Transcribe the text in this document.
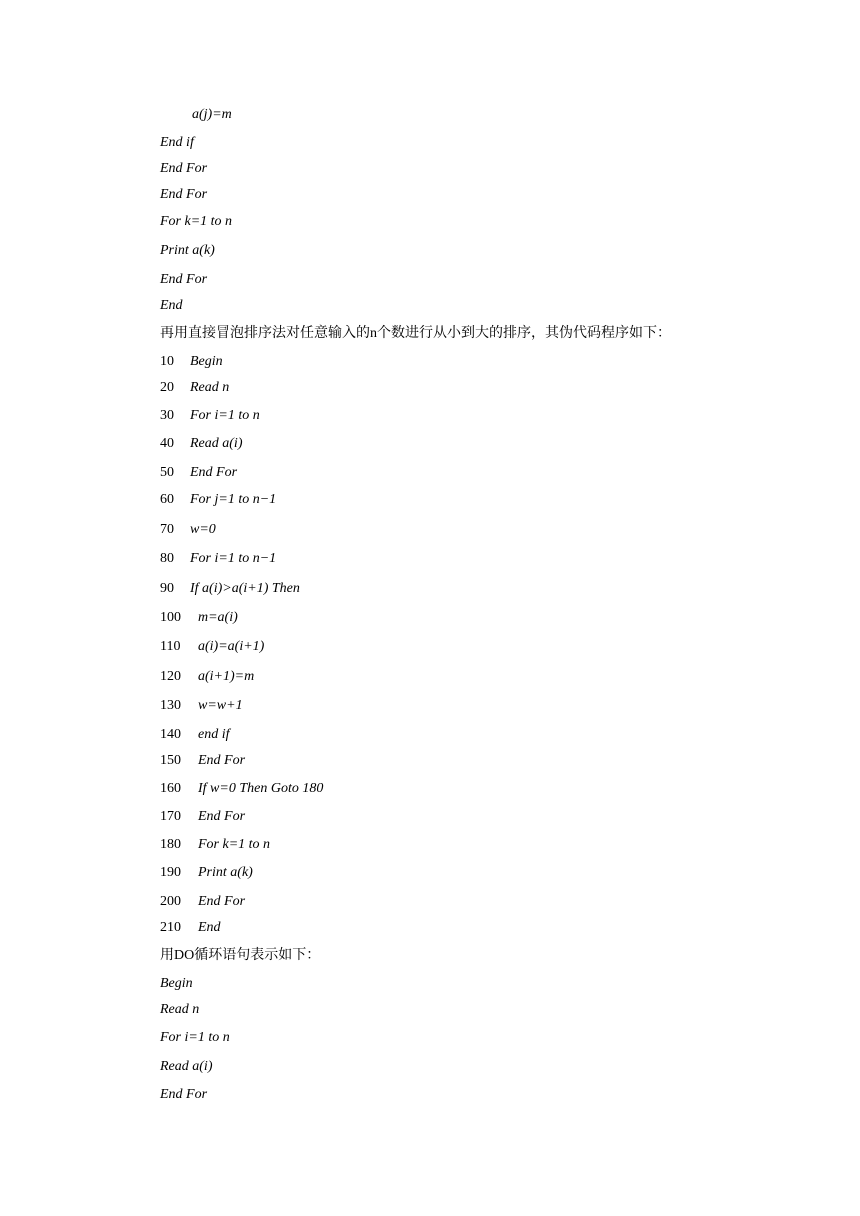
a(j)=m
End if
End For
End For
For k=1 to n
Print a(k)
End For
End
再用直接冒泡排序法对任意输入的n个数进行从小到大的排序，其伪代码程序如下：
10 Begin
20 Read n
30 For i=1 to n
40 Read a(i)
50 End For
60 For j=1 to n−1
70 w=0
80 For i=1 to n−1
90 If a(i)>a(i+1) Then
100 m=a(i)
110 a(i)=a(i+1)
120 a(i+1)=m
130 w=w+1
140 end if
150 End For
160 If w=0 Then Goto 180
170 End For
180 For k=1 to n
190 Print a(k)
200 End For
210 End
用DO循环语句表示如下：
Begin
Read n
For i=1 to n
Read a(i)
End For
